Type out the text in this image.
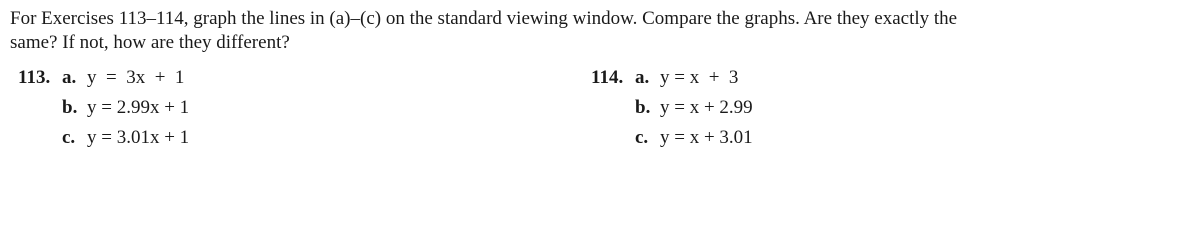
For Exercises 113–114, graph the lines in (a)–(c) on the standard viewing window. Compare the graphs. Are they exactly the
same? If not, how are they different?
113. a. y  =  3x  +  1
b. y = 2.99x + 1
c. y = 3.01x + 1
114. a. y = x  +  3
b. y = x + 2.99
c. y = x + 3.01
